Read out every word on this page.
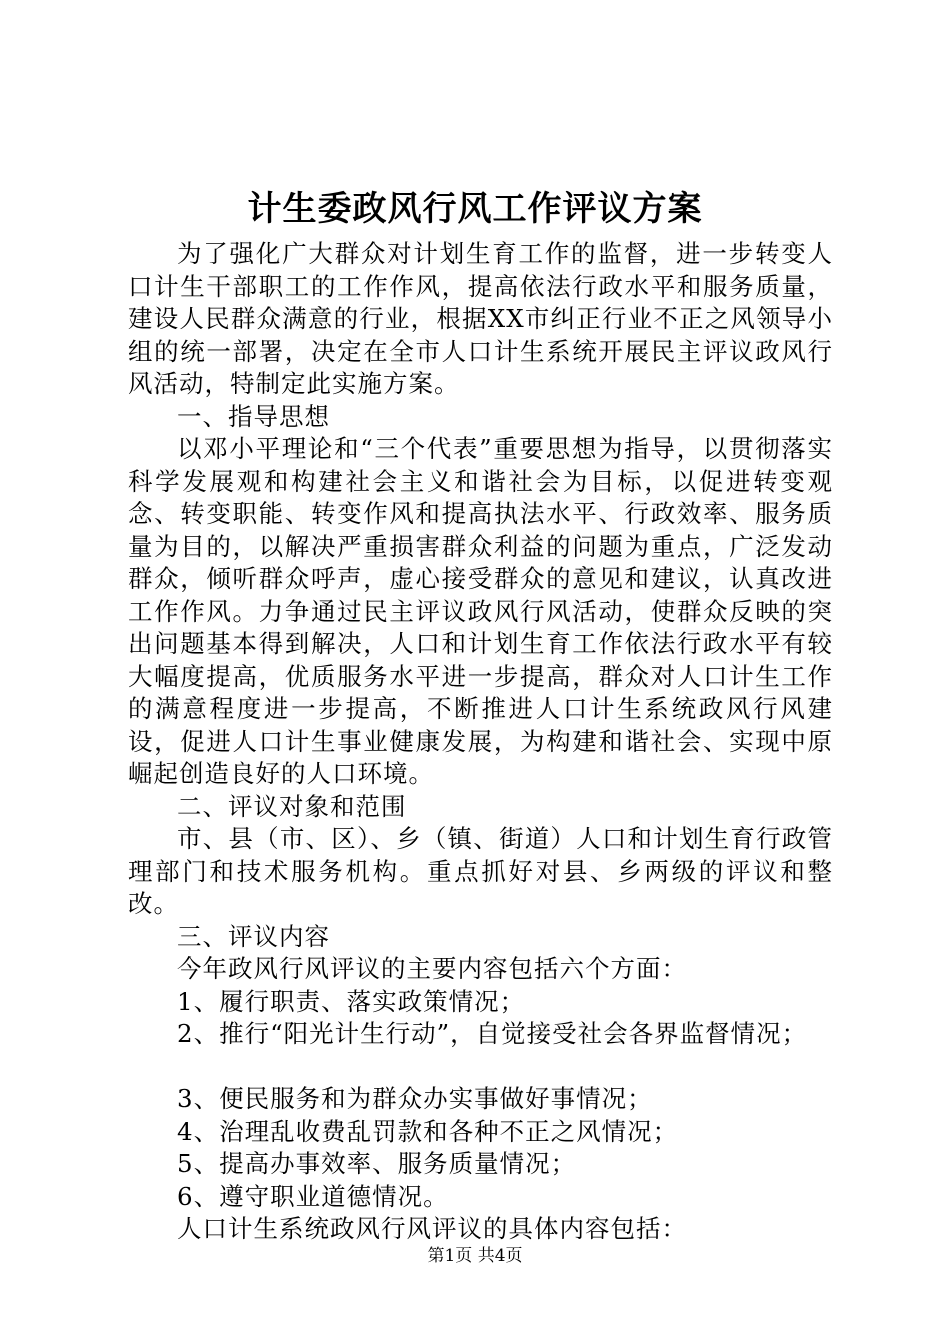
计生委政风行风工作评议方案

为了强化广大群众对计划生育工作的监督，进一步转变人口计生干部职工的工作作风，提高依法行政水平和服务质量，建设人民群众满意的行业，根据XX市纠正行业不正之风领导小组的统一部署，决定在全市人口计生系统开展民主评议政风行风活动，特制定此实施方案。

一、指导思想

以邓小平理论和“三个代表”重要思想为指导，以贯彻落实科学发展观和构建社会主义和谐社会为目标，以促进转变观念、转变职能、转变作风和提高执法水平、行政效率、服务质量为目的，以解决严重损害群众利益的问题为重点，广泛发动群众，倾听群众呼声，虚心接受群众的意见和建议，认真改进工作作风。力争通过民主评议政风行风活动，使群众反映的突出问题基本得到解决，人口和计划生育工作依法行政水平有较大幅度提高，优质服务水平进一步提高，群众对人口计生工作的满意程度进一步提高，不断推进人口计生系统政风行风建设，促进人口计生事业健康发展，为构建和谐社会、实现中原崛起创造良好的人口环境。

二、评议对象和范围

市、县（市、区）、乡（镇、街道）人口和计划生育行政管理部门和技术服务机构。重点抓好对县、乡两级的评议和整改。

三、评议内容

今年政风行风评议的主要内容包括六个方面：

1、履行职责、落实政策情况；

2、推行“阳光计生行动”，自觉接受社会各界监督情况；

3、便民服务和为群众办实事做好事情况；

4、治理乱收费乱罚款和各种不正之风情况；

5、提高办事效率、服务质量情况；

6、遵守职业道德情况。

人口计生系统政风行风评议的具体内容包括：

第1页 共4页
